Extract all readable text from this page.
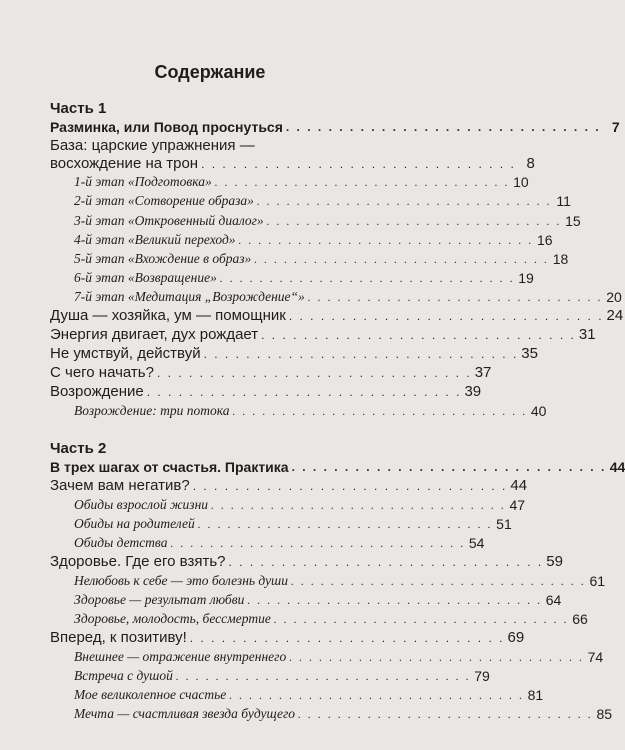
Содержание
Часть 1
Разминка, или Повод проснуться . . . . . . . . . . . . . . . . . . . . . . . . . . . . . . 7
База: царские упражнения —
восхождение на трон . . . . . . . . . . . . . . . . . . . . . . . . . . . . . . 8
1-й этап «Подготовка» . . . . . . . . . . . . . . . . . . . . . . . . . . . . . . 10
2-й этап «Сотворение образа» . . . . . . . . . . . . . . . . . . . . . . . . . . . . . . 11
3-й этап «Откровенный диалог» . . . . . . . . . . . . . . . . . . . . . . . . . . . . . . 15
4-й этап «Великий переход» . . . . . . . . . . . . . . . . . . . . . . . . . . . . . . 16
5-й этап «Вхождение в образ» . . . . . . . . . . . . . . . . . . . . . . . . . . . . . . 18
6-й этап «Возвращение» . . . . . . . . . . . . . . . . . . . . . . . . . . . . . . 19
7-й этап «Медитация „Возрождение“» . . . . . . . . . . . . . . . . . . . . . . . . . . . . . . 20
Душа — хозяйка, ум — помощник . . . . . . . . . . . . . . . . . . . . . . . . . . . . . . 24
Энергия двигает, дух рождает . . . . . . . . . . . . . . . . . . . . . . . . . . . . . . 31
Не умствуй, действуй . . . . . . . . . . . . . . . . . . . . . . . . . . . . . . 35
С чего начать? . . . . . . . . . . . . . . . . . . . . . . . . . . . . . . 37
Возрождение . . . . . . . . . . . . . . . . . . . . . . . . . . . . . . 39
Возрождение: три потока . . . . . . . . . . . . . . . . . . . . . . . . . . . . . . 40
Часть 2
В трех шагах от счастья. Практика . . . . . . . . . . . . . . . . . . . . . . . . . . . . . . 44
Зачем вам негатив? . . . . . . . . . . . . . . . . . . . . . . . . . . . . . . 44
Обиды взрослой жизни . . . . . . . . . . . . . . . . . . . . . . . . . . . . . . 47
Обиды на родителей . . . . . . . . . . . . . . . . . . . . . . . . . . . . . . 51
Обиды детства . . . . . . . . . . . . . . . . . . . . . . . . . . . . . . 54
Здоровье. Где его взять? . . . . . . . . . . . . . . . . . . . . . . . . . . . . . . 59
Нелюбовь к себе — это болезнь души . . . . . . . . . . . . . . . . . . . . . . . . . . . . . . 61
Здоровье — результат любви . . . . . . . . . . . . . . . . . . . . . . . . . . . . . . 64
Здоровье, молодость, бессмертие . . . . . . . . . . . . . . . . . . . . . . . . . . . . . . 66
Вперед, к позитиву! . . . . . . . . . . . . . . . . . . . . . . . . . . . . . . 69
Внешнее — отражение внутреннего . . . . . . . . . . . . . . . . . . . . . . . . . . . . . . 74
Встреча с душой . . . . . . . . . . . . . . . . . . . . . . . . . . . . . . 79
Мое великолепное счастье . . . . . . . . . . . . . . . . . . . . . . . . . . . . . . 81
Мечта — счастливая звезда будущего . . . . . . . . . . . . . . . . . . . . . . . . . . . . . . 85
